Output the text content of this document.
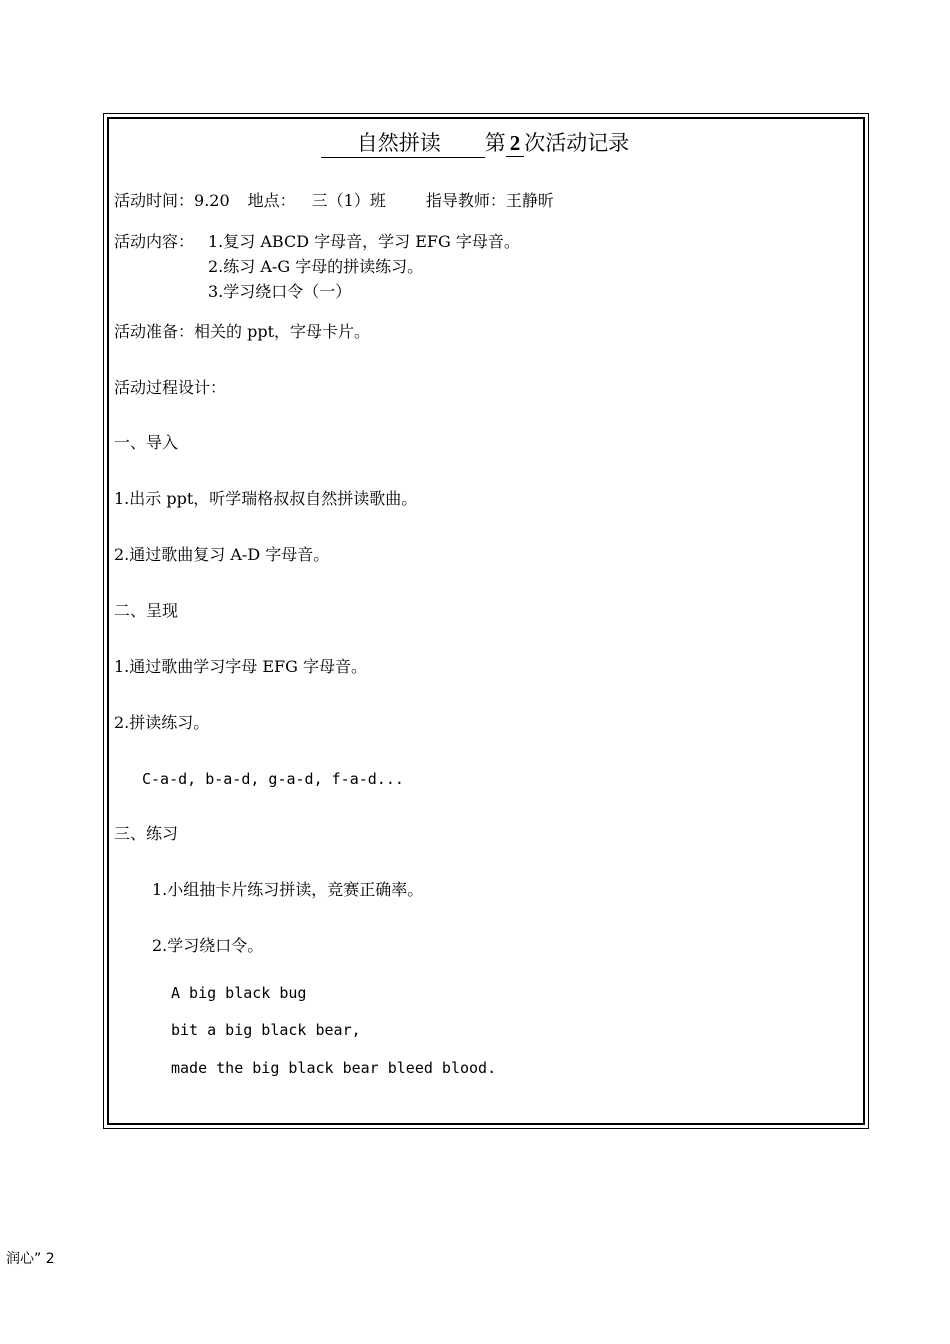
自然拼读 第 2 次活动记录
活动时间：9.20 地点： 三（1）班	指导教师：王静昕
活动内容： 1.复习 ABCD 字母音，学习 EFG 字母音。
2.练习 A-G 字母的拼读练习。
3.学习绕口令（一）
活动准备：相关的 ppt，字母卡片。
活动过程设计：
一、导入
1.出示 ppt，听学瑞格叔叔自然拼读歌曲。
2.通过歌曲复习 A-D 字母音。
二、呈现
1.通过歌曲学习字母 EFG 字母音。
2.拼读练习。
C-a-d, b-a-d, g-a-d, f-a-d...
三、练习
1.小组抽卡片练习拼读，竞赛正确率。
2.学习绕口令。
A big black bug
bit a big black bear,
made the big black bear bleed blood.
润心” 2
